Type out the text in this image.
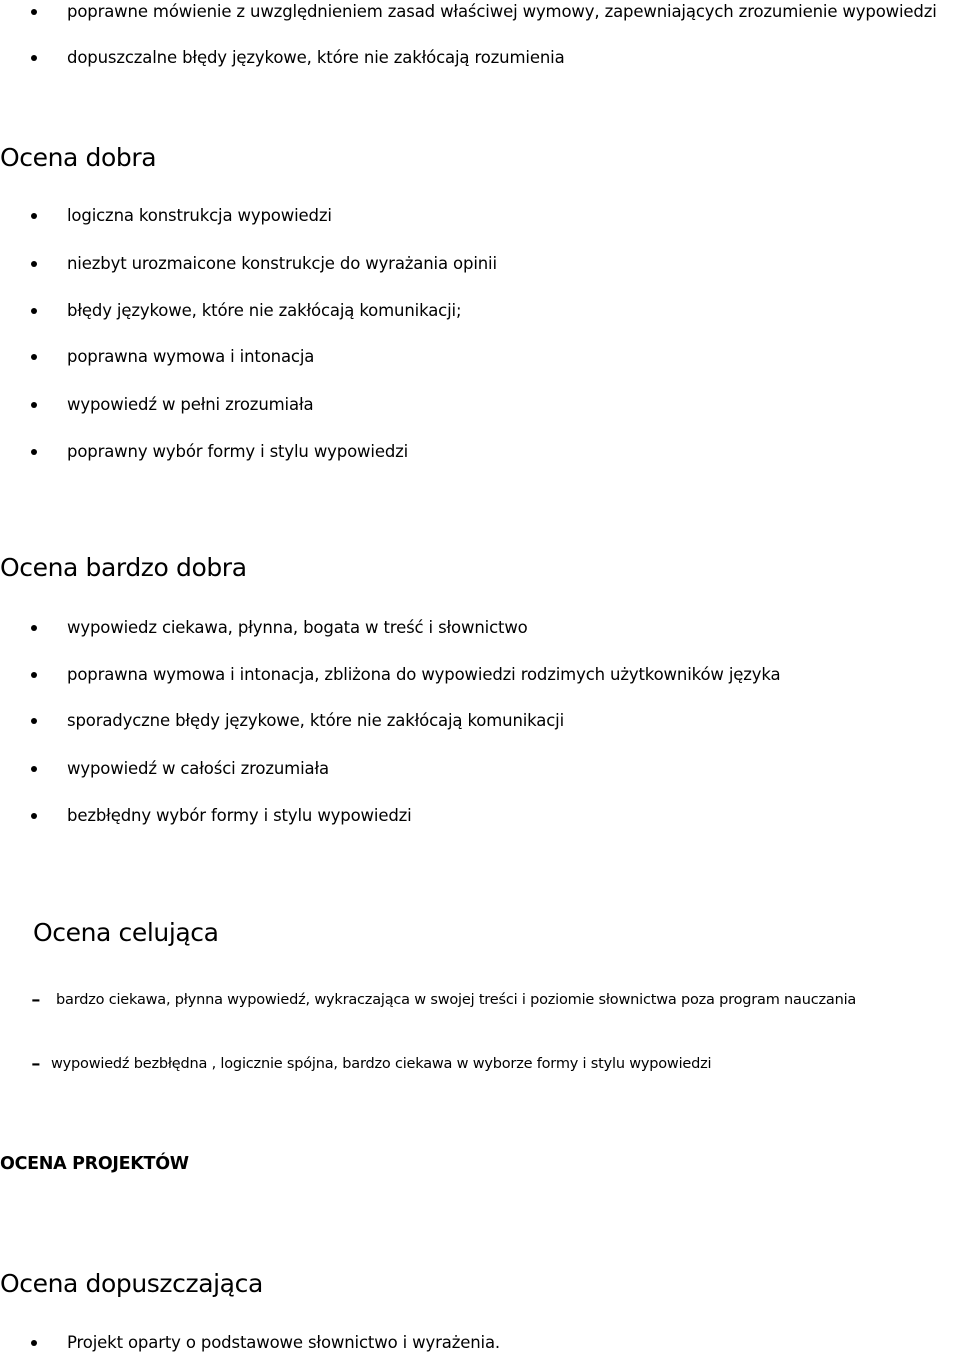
poprawne mówienie z uwzględnieniem zasad właściwej wymowy, zapewniających zrozumienie wypowiedzi
dopuszczalne błędy językowe, które nie zakłócają rozumienia
Ocena dobra
logiczna konstrukcja wypowiedzi
niezbyt urozmaicone konstrukcje do wyrażania opinii
błędy językowe, które nie zakłócają komunikacji;
poprawna wymowa i intonacja
wypowiedź w pełni zrozumiała
poprawny wybór formy i stylu wypowiedzi
Ocena bardzo dobra
wypowiedz ciekawa, płynna, bogata w treść i słownictwo
poprawna wymowa i intonacja, zbliżona do wypowiedzi rodzimych użytkowników języka
sporadyczne błędy językowe, które nie zakłócają komunikacji
wypowiedź w całości zrozumiała
bezbłędny wybór formy i stylu wypowiedzi
Ocena celująca
- bardzo ciekawa, płynna wypowiedź, wykraczająca w swojej treści i poziomie słownictwa poza program nauczania
- wypowiedź bezbłędna , logicznie spójna, bardzo ciekawa w wyborze formy i stylu wypowiedzi
OCENA PROJEKTÓW
Ocena dopuszczająca
Projekt oparty o podstawowe słownictwo i wyrażenia.
